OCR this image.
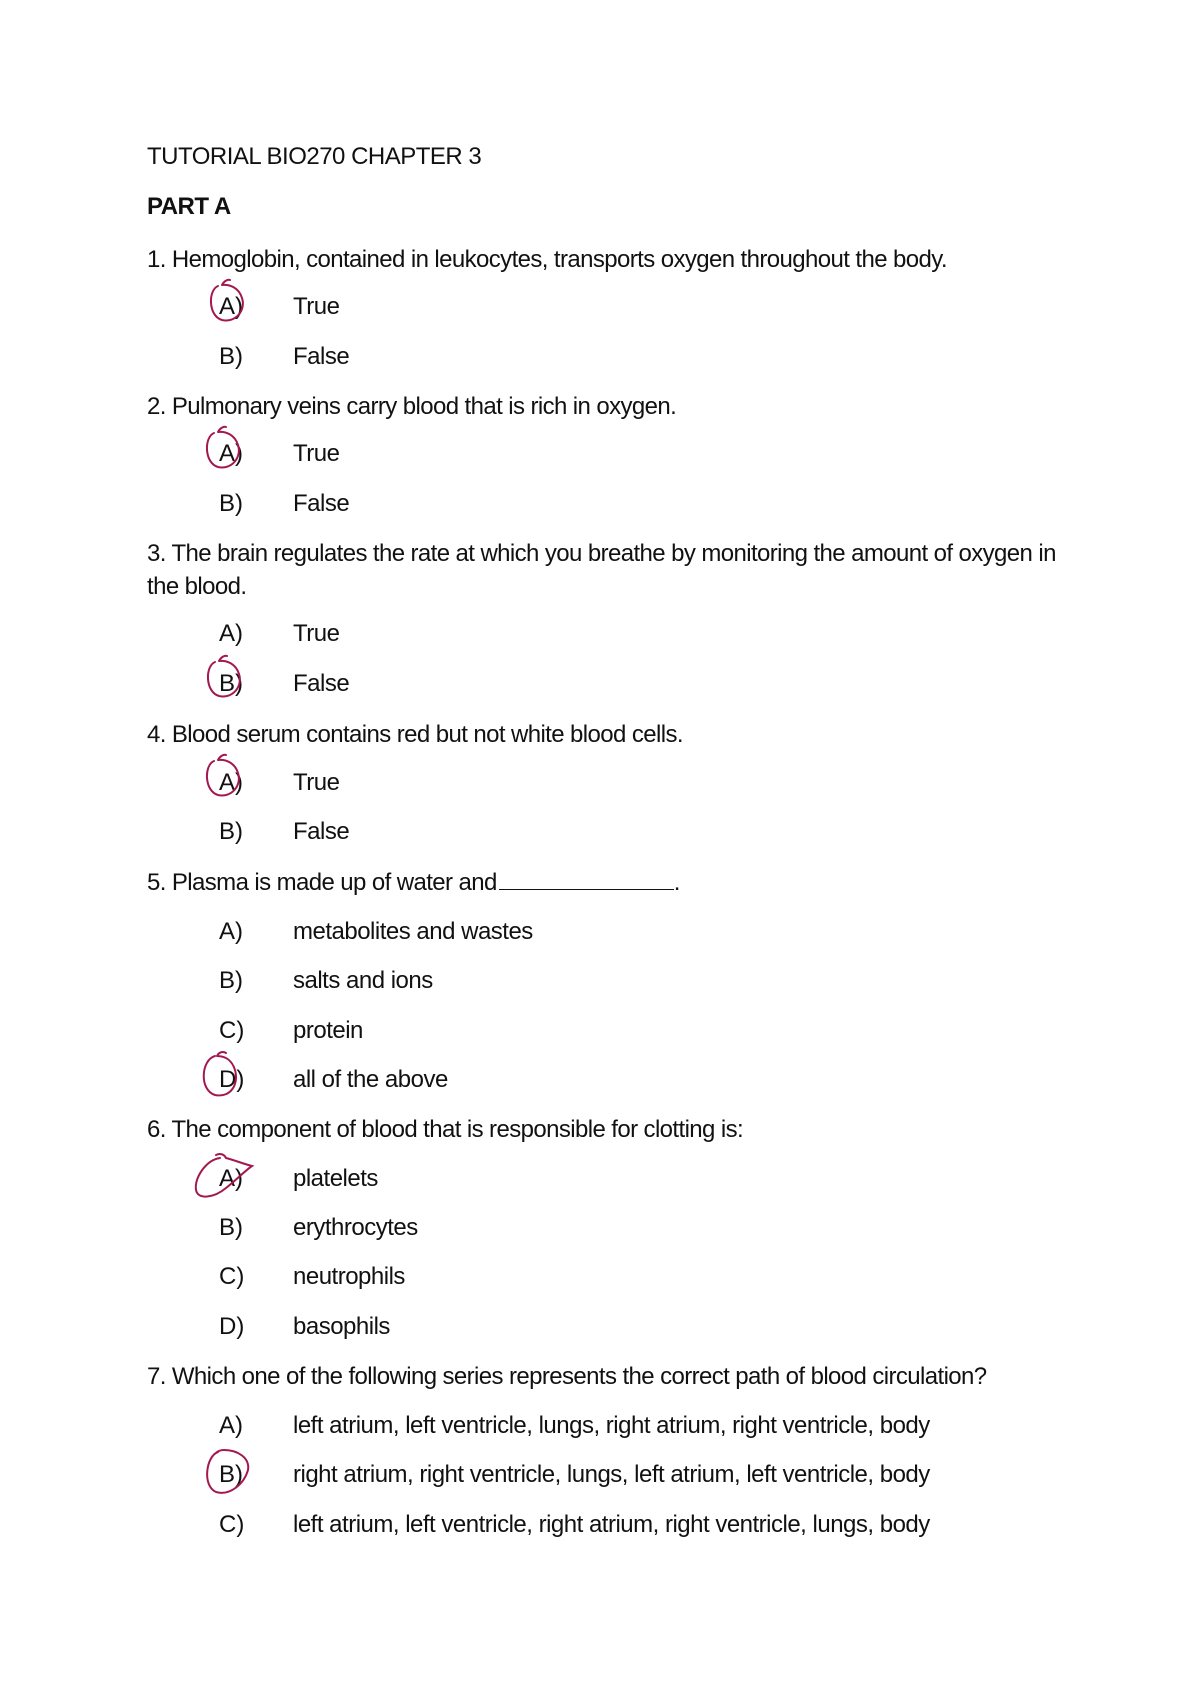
TUTORIAL BIO270 CHAPTER 3
PART A
1. Hemoglobin, contained in leukocytes, transports oxygen throughout the body.
A) True
B) False
2. Pulmonary veins carry blood that is rich in oxygen.
A) True
B) False
3. The brain regulates the rate at which you breathe by monitoring the amount of oxygen in the blood.
A) True
B) False
4. Blood serum contains red but not white blood cells.
A) True
B) False
5. Plasma is made up of water and	.
A) metabolites and wastes
B) salts and ions
C) protein
D) all of the above
6. The component of blood that is responsible for clotting is:
A) platelets
B) erythrocytes
C) neutrophils
D) basophils
7. Which one of the following series represents the correct path of blood circulation?
A) left atrium, left ventricle, lungs, right atrium, right ventricle, body
B) right atrium, right ventricle, lungs, left atrium, left ventricle, body
C) left atrium, left ventricle, right atrium, right ventricle, lungs, body
